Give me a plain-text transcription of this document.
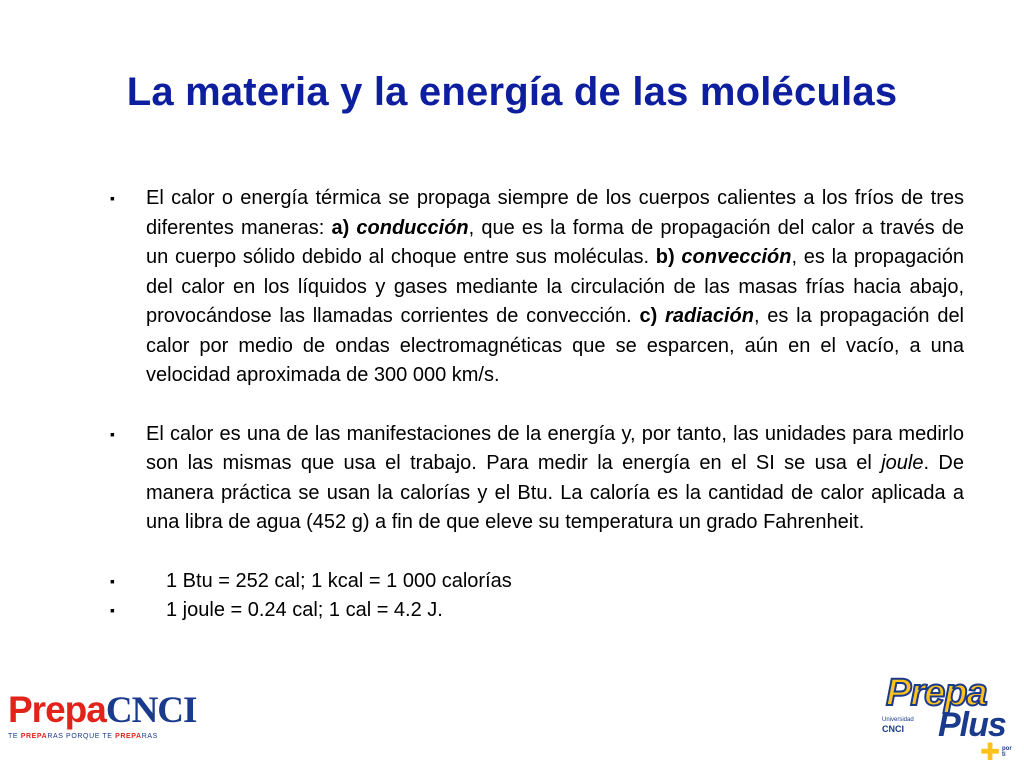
La materia y la energía de las moléculas
▪ El calor o energía térmica se propaga siempre de los cuerpos calientes a los fríos de tres diferentes maneras: a) conducción, que es la forma de propagación del calor a través de un cuerpo sólido debido al choque entre sus moléculas. b) convección, es la propagación del calor en los líquidos y gases mediante la circulación de las masas frías hacia abajo, provocándose las llamadas corrientes de convección. c) radiación, es la propagación del calor por medio de ondas electromagnéticas que se esparcen, aún en el vacío, a una velocidad aproximada de 300 000 km/s.
▪ El calor es una de las manifestaciones de la energía y, por tanto, las unidades para medirlo son las mismas que usa el trabajo. Para medir la energía en el SI se usa el joule. De manera práctica se usan la calorías y el Btu. La caloría es la cantidad de calor aplicada a una libra de agua (452 g) a fin de que eleve su temperatura un grado Fahrenheit.
▪	1 Btu = 252 cal; 1 kcal = 1 000 calorías
▪	1 joule = 0.24 cal; 1 cal = 4.2 J.
PrepaCNCI
TE PREPARAS PORQUE TE PREPARAS
Universidad
CNCI
Prepa
Plus
✚ por ti
